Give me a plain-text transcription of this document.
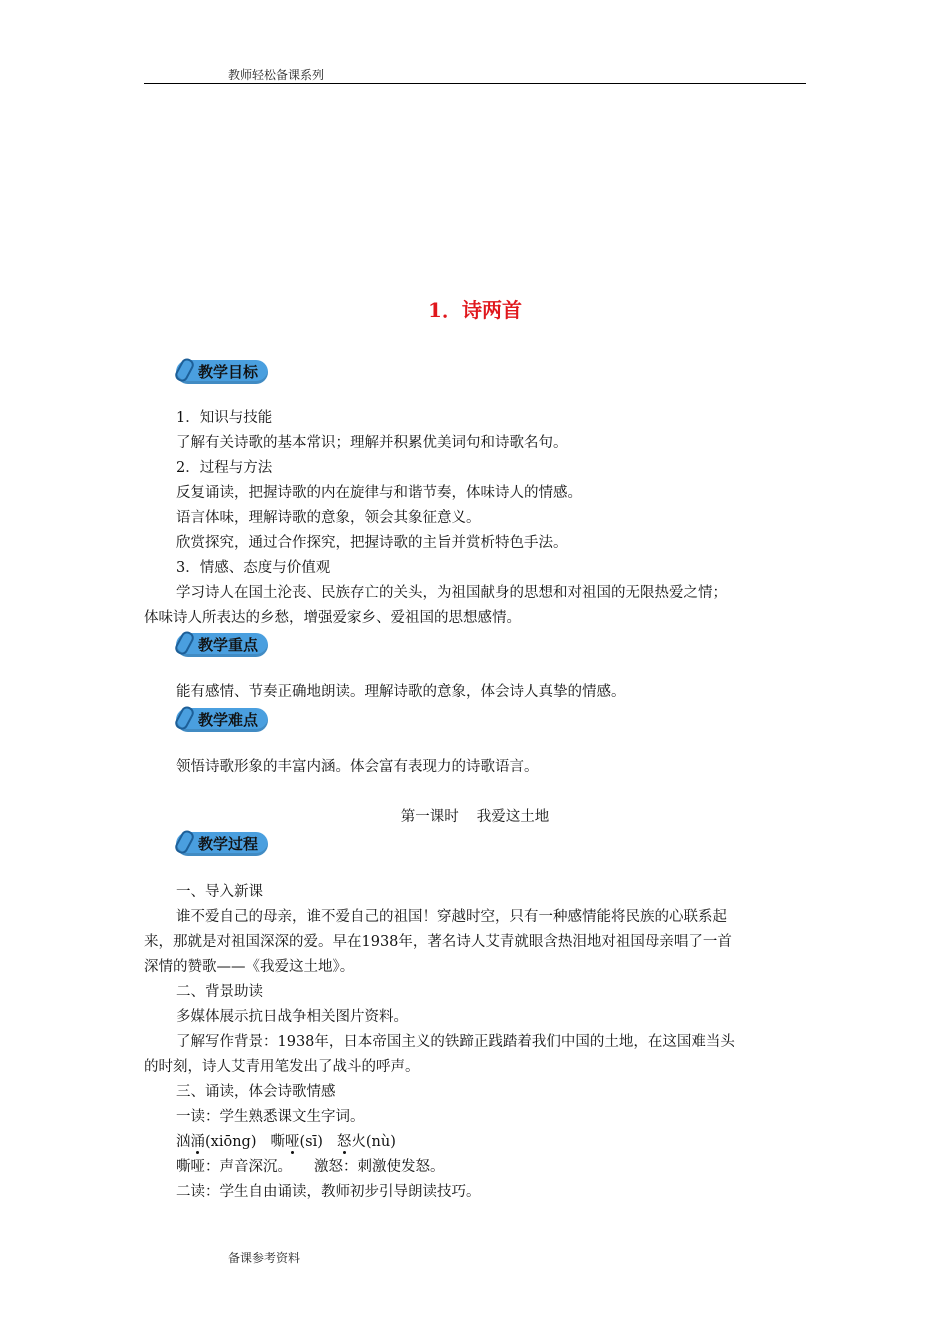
教师轻松备课系列
1．诗两首
教学目标
1．知识与技能
了解有关诗歌的基本常识；理解并积累优美词句和诗歌名句。
2．过程与方法
反复诵读，把握诗歌的内在旋律与和谐节奏，体味诗人的情感。
语言体味，理解诗歌的意象，领会其象征意义。
欣赏探究，通过合作探究，把握诗歌的主旨并赏析特色手法。
3．情感、态度与价值观
学习诗人在国土沦丧、民族存亡的关头，为祖国献身的思想和对祖国的无限热爱之情；
体味诗人所表达的乡愁，增强爱家乡、爱祖国的思想感情。
教学重点
能有感情、节奏正确地朗读。理解诗歌的意象，体会诗人真挚的情感。
教学难点
领悟诗歌形象的丰富内涵。体会富有表现力的诗歌语言。
第一课时 我爱这土地
教学过程
一、导入新课
谁不爱自己的母亲，谁不爱自己的祖国！穿越时空，只有一种感情能将民族的心联系起
来，那就是对祖国深深的爱。早在1938年，著名诗人艾青就眼含热泪地对祖国母亲唱了一首
深情的赞歌——《我爱这土地》。
二、背景助读
多媒体展示抗日战争相关图片资料。
了解写作背景：1938年，日本帝国主义的铁蹄正践踏着我们中国的土地，在这国难当头
的时刻，诗人艾青用笔发出了战斗的呼声。
三、诵读，体会诗歌情感
一读：学生熟悉课文生字词。
汹涌(xiōng) 嘶哑(sī) 怒火(nù)
嘶哑：声音深沉。 激怒：刺激使发怒。
二读：学生自由诵读，教师初步引导朗读技巧。
备课参考资料
